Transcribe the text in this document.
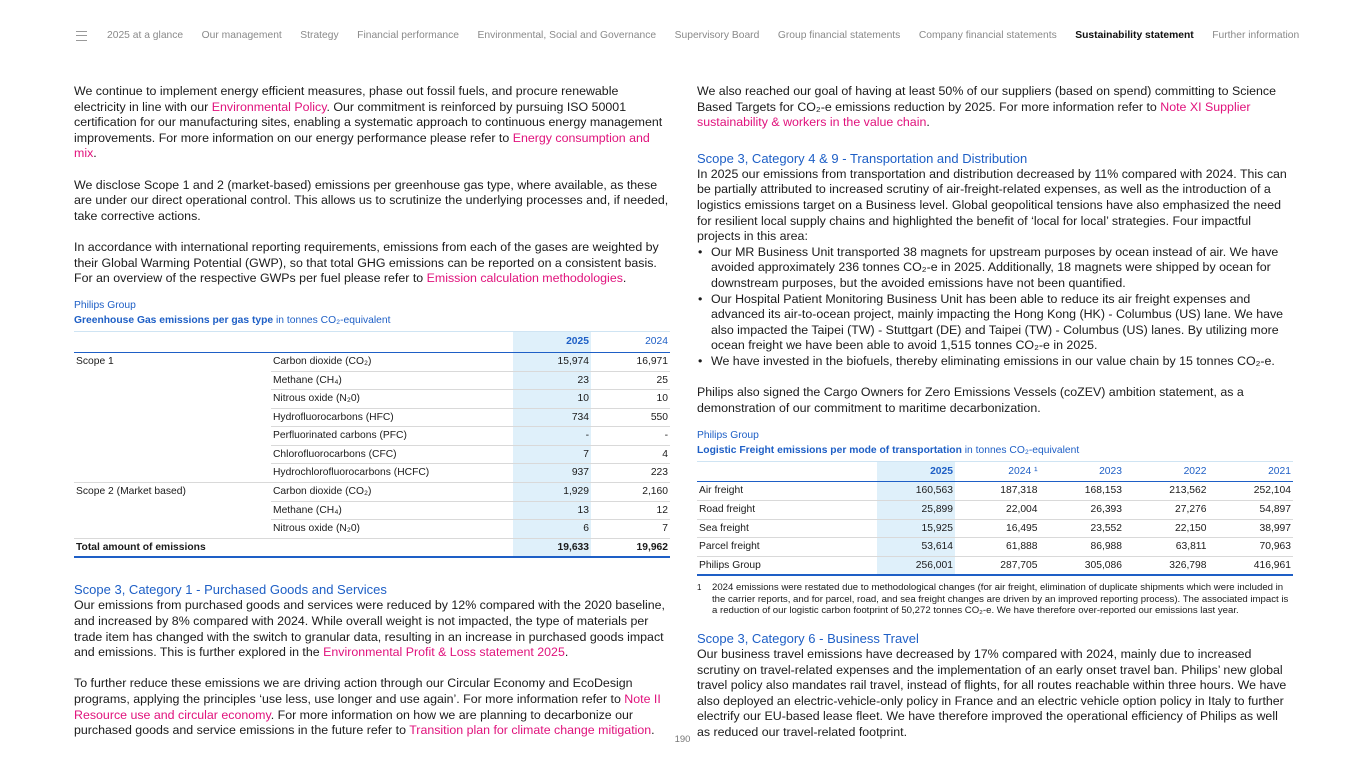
2025 at a glance Our management Strategy Financial performance Environmental, Social and Governance Supervisory Board Group financial statements Company financial statements Sustainability statement Further information

We continue to implement energy efficient measures, phase out fossil fuels, and procure renewable electricity in line with our Environmental Policy. Our commitment is reinforced by pursuing ISO 50001 certification for our manufacturing sites, enabling a systematic approach to continuous energy management improvements. For more information on our energy performance please refer to Energy consumption and mix.

We disclose Scope 1 and 2 (market-based) emissions per greenhouse gas type, where available, as these are under our direct operational control. This allows us to scrutinize the underlying processes and, if needed, take corrective actions.

In accordance with international reporting requirements, emissions from each of the gases are weighted by their Global Warming Potential (GWP), so that total GHG emissions can be reported on a consistent basis. For an overview of the respective GWPs per fuel please refer to Emission calculation methodologies.

Philips Group
Greenhouse Gas emissions per gas type in tonnes CO₂-equivalent
		2025	2024
Scope 1	Carbon dioxide (CO₂)	15,974	16,971
	Methane (CH₄)	23	25
	Nitrous oxide (N₂0)	10	10
	Hydrofluorocarbons (HFC)	734	550
	Perfluorinated carbons (PFC)	-	-
	Chlorofluorocarbons (CFC)	7	4
	Hydrochlorofluorocarbons (HCFC)	937	223
Scope 2 (Market based)	Carbon dioxide (CO₂)	1,929	2,160
	Methane (CH₄)	13	12
	Nitrous oxide (N₂0)	6	7
Total amount of emissions		19,633	19,962
Scope 3, Category 1 - Purchased Goods and Services

Our emissions from purchased goods and services were reduced by 12% compared with the 2020 baseline, and increased by 8% compared with 2024. While overall weight is not impacted, the type of materials per trade item has changed with the switch to granular data, resulting in an increase in purchased goods impact and emissions. This is further explored in the Environmental Profit & Loss statement 2025.

To further reduce these emissions we are driving action through our Circular Economy and EcoDesign programs, applying the principles ‘use less, use longer and use again’. For more information refer to Note II Resource use and circular economy. For more information on how we are planning to decarbonize our purchased goods and service emissions in the future refer to Transition plan for climate change mitigation.

We also reached our goal of having at least 50% of our suppliers (based on spend) committing to Science Based Targets for CO₂-e emissions reduction by 2025. For more information refer to Note XI Supplier sustainability & workers in the value chain.

Scope 3, Category 4 & 9 - Transportation and Distribution

In 2025 our emissions from transportation and distribution decreased by 11% compared with 2024. This can be partially attributed to increased scrutiny of air-freight-related expenses, as well as the introduction of a logistics emissions target on a Business level. Global geopolitical tensions have also emphasized the need for resilient local supply chains and highlighted the benefit of ‘local for local’ strategies. Four impactful projects in this area:

• Our MR Business Unit transported 38 magnets for upstream purposes by ocean instead of air. We have avoided approximately 236 tonnes CO₂-e in 2025. Additionally, 18 magnets were shipped by ocean for downstream purposes, but the avoided emissions have not been quantified.
• Our Hospital Patient Monitoring Business Unit has been able to reduce its air freight expenses and advanced its air-to-ocean project, mainly impacting the Hong Kong (HK) - Columbus (US) lane. We have also impacted the Taipei (TW) - Stuttgart (DE) and Taipei (TW) - Columbus (US) lanes. By utilizing more ocean freight we have been able to avoid 1,515 tonnes CO₂-e in 2025.
• We have invested in the biofuels, thereby eliminating emissions in our value chain by 15 tonnes CO₂-e.

Philips also signed the Cargo Owners for Zero Emissions Vessels (coZEV) ambition statement, as a demonstration of our commitment to maritime decarbonization.

Philips Group
Logistic Freight emissions per mode of transportation in tonnes CO₂-equivalent
	2025	2024 ¹	2023	2022	2021
Air freight	160,563	187,318	168,153	213,562	252,104
Road freight	25,899	22,004	26,393	27,276	54,897
Sea freight	15,925	16,495	23,552	22,150	38,997
Parcel freight	53,614	61,888	86,988	63,811	70,963
Philips Group	256,001	287,705	305,086	326,798	416,961
1	2024 emissions were restated due to methodological changes (for air freight, elimination of duplicate shipments which were included in the carrier reports, and for parcel, road, and sea freight changes are driven by an improved reporting process). The associated impact is a reduction of our logistic carbon footprint of 50,272 tonnes CO₂-e. We have therefore over-reported our emissions last year.
Scope 3, Category 6 - Business Travel

Our business travel emissions have decreased by 17% compared with 2024, mainly due to increased scrutiny on travel-related expenses and the implementation of an early onset travel ban. Philips’ new global travel policy also mandates rail travel, instead of flights, for all routes reachable within three hours. We have also deployed an electric-vehicle-only policy in France and an electric vehicle option policy in Italy to further electrify our EU-based lease fleet. We have therefore improved the operational efficiency of Philips as well as reduced our travel-related footprint.

190
